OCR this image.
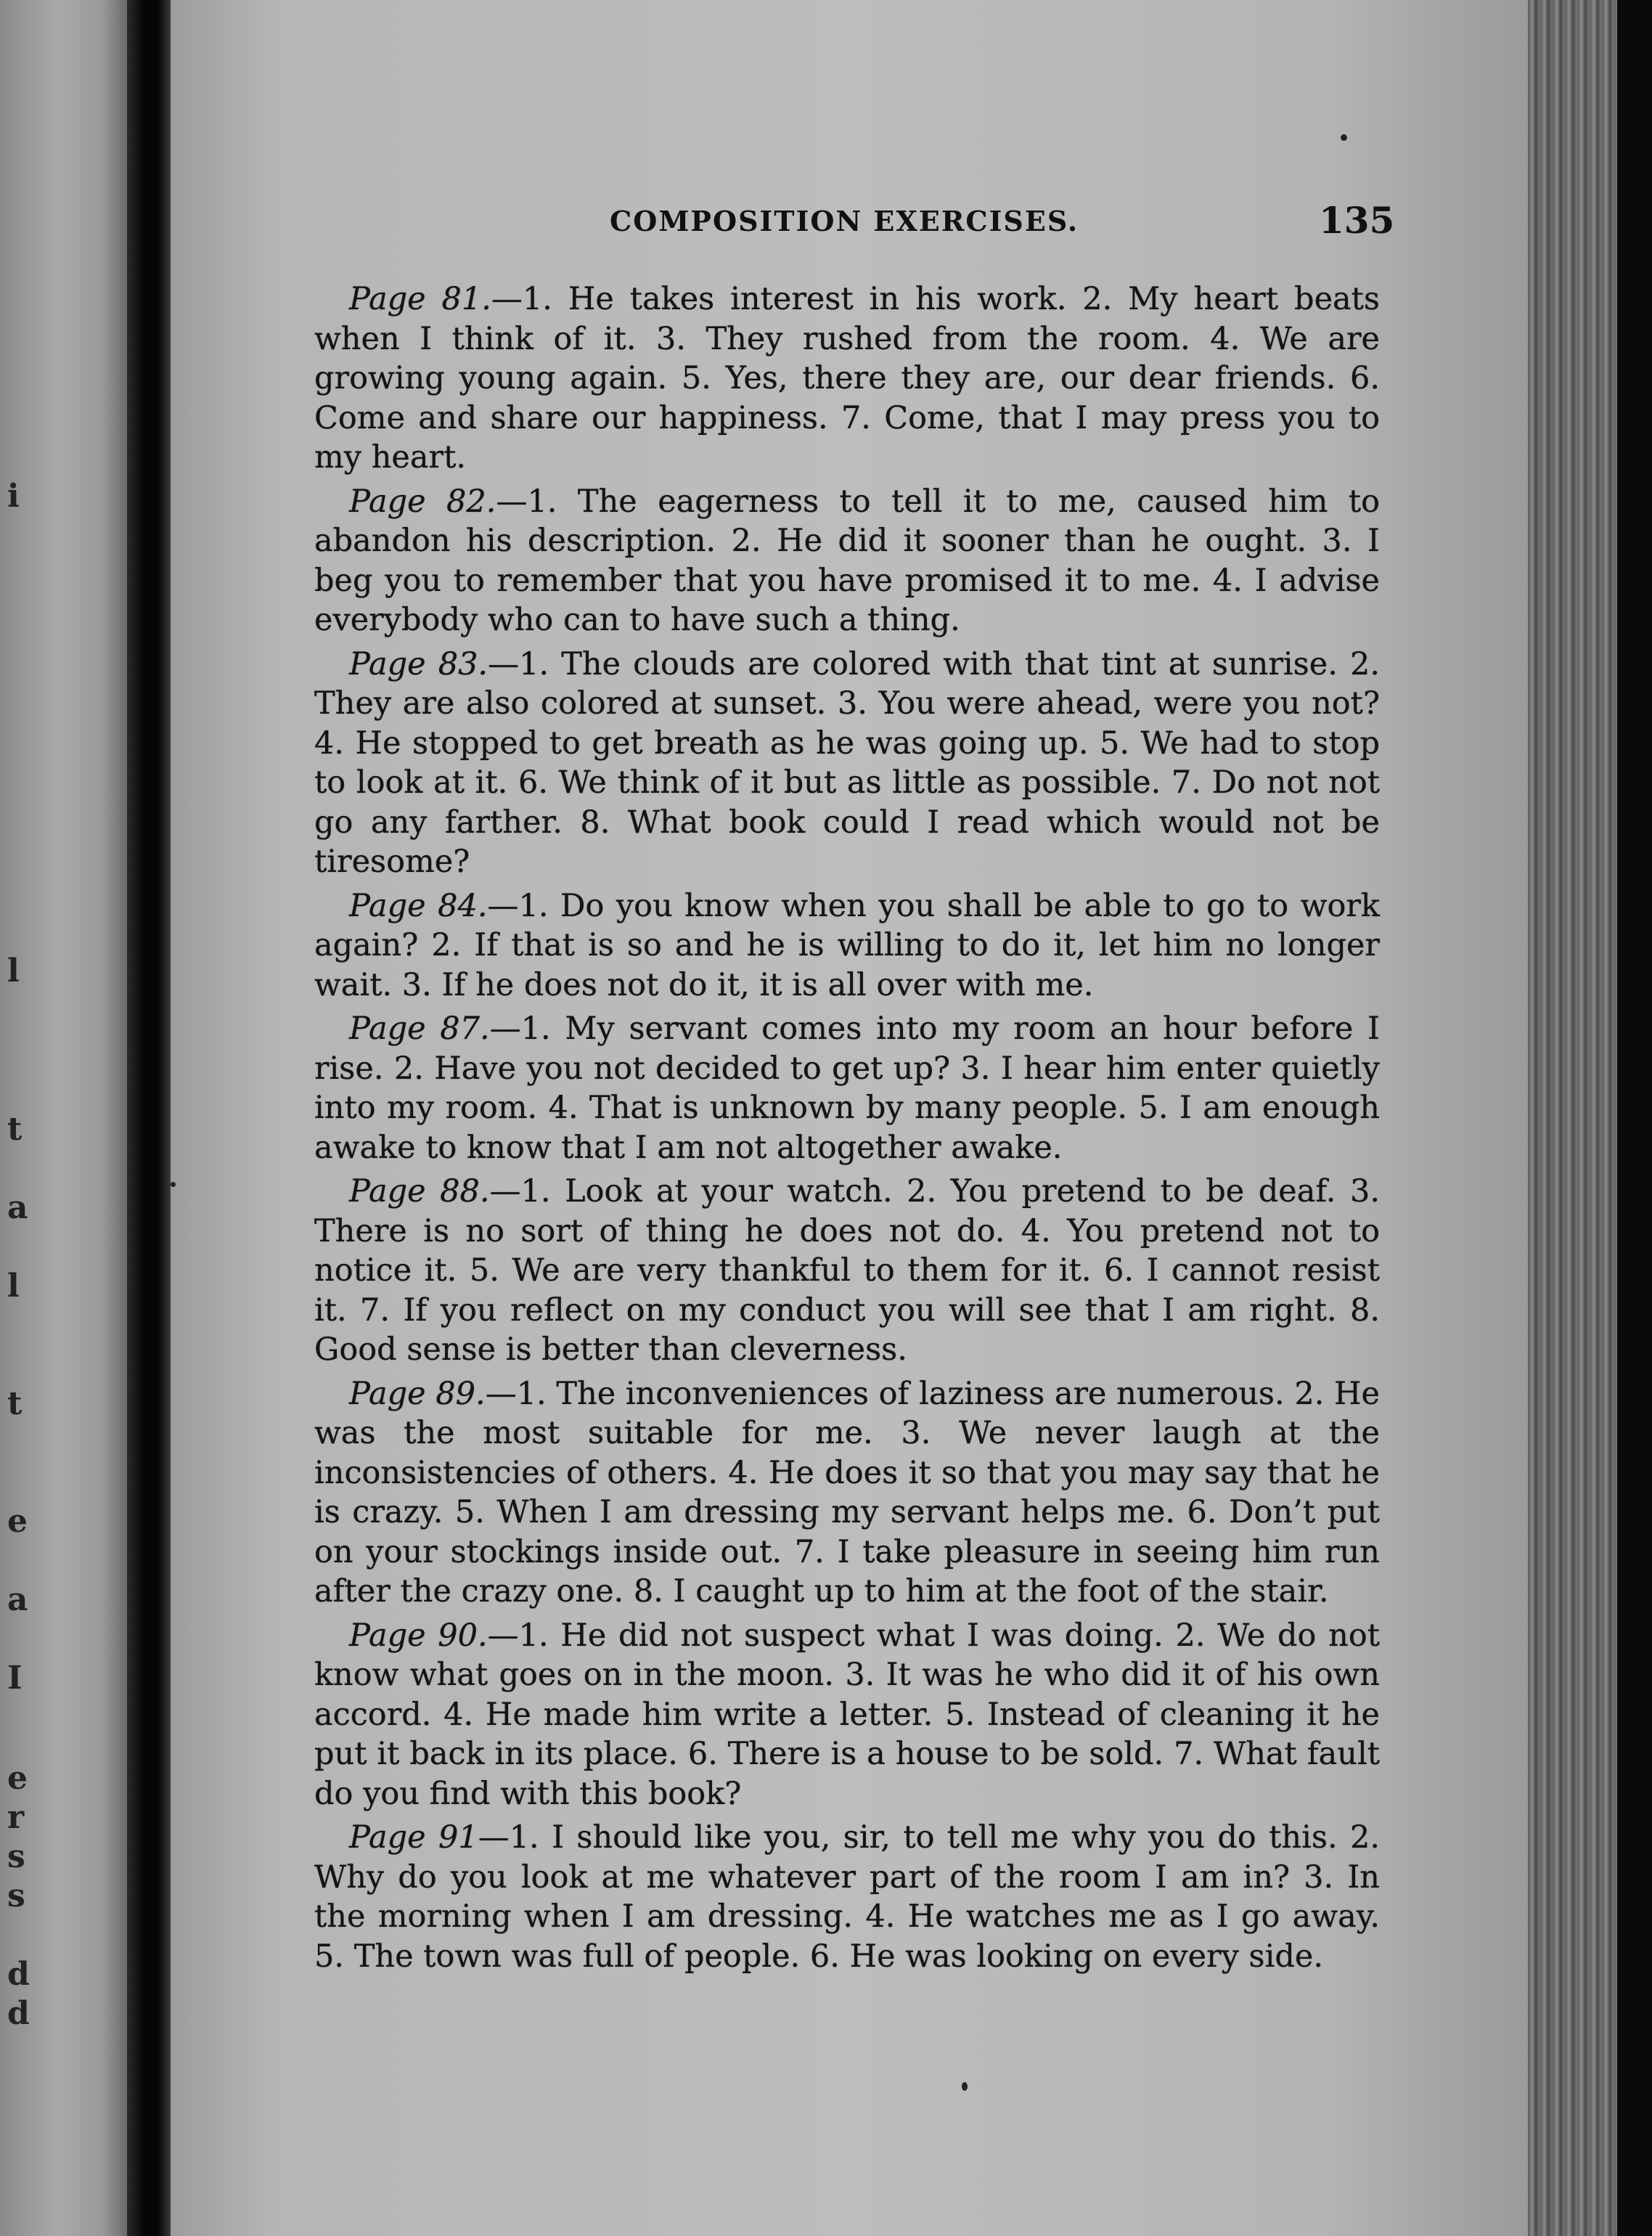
i
l
t
a
l
t
e
a
I
e
r
s
s
d
d
COMPOSITION EXERCISES.	135

Page 81.—1. He takes interest in his work. 2. My heart beats when I think of it. 3. They rushed from the room. 4. We are growing young again. 5. Yes, there they are, our dear friends. 6. Come and share our happiness. 7. Come, that I may press you to my heart.

Page 82.—1. The eagerness to tell it to me, caused him to abandon his description. 2. He did it sooner than he ought. 3. I beg you to remember that you have promised it to me. 4. I advise everybody who can to have such a thing.

Page 83.—1. The clouds are colored with that tint at sunrise. 2. They are also colored at sunset. 3. You were ahead, were you not? 4. He stopped to get breath as he was going up. 5. We had to stop to look at it. 6. We think of it but as little as possible. 7. Do not not go any farther. 8. What book could I read which would not be tiresome?

Page 84.—1. Do you know when you shall be able to go to work again? 2. If that is so and he is willing to do it, let him no longer wait. 3. If he does not do it, it is all over with me.

Page 87.—1. My servant comes into my room an hour before I rise. 2. Have you not decided to get up? 3. I hear him enter quietly into my room. 4. That is unknown by many people. 5. I am enough awake to know that I am not altogether awake.

Page 88.—1. Look at your watch. 2. You pretend to be deaf. 3. There is no sort of thing he does not do. 4. You pretend not to notice it. 5. We are very thankful to them for it. 6. I cannot resist it. 7. If you reflect on my conduct you will see that I am right. 8. Good sense is better than cleverness.

Page 89.—1. The inconveniences of laziness are numerous. 2. He was the most suitable for me. 3. We never laugh at the inconsistencies of others. 4. He does it so that you may say that he is crazy. 5. When I am dressing my servant helps me. 6. Don’t put on your stockings inside out. 7. I take pleasure in seeing him run after the crazy one. 8. I caught up to him at the foot of the stair.

Page 90.—1. He did not suspect what I was doing. 2. We do not know what goes on in the moon. 3. It was he who did it of his own accord. 4. He made him write a letter. 5. Instead of cleaning it he put it back in its place. 6. There is a house to be sold. 7. What fault do you find with this book?

Page 91—1. I should like you, sir, to tell me why you do this. 2. Why do you look at me whatever part of the room I am in? 3. In the morning when I am dressing. 4. He watches me as I go away. 5. The town was full of people. 6. He was looking on every side.
